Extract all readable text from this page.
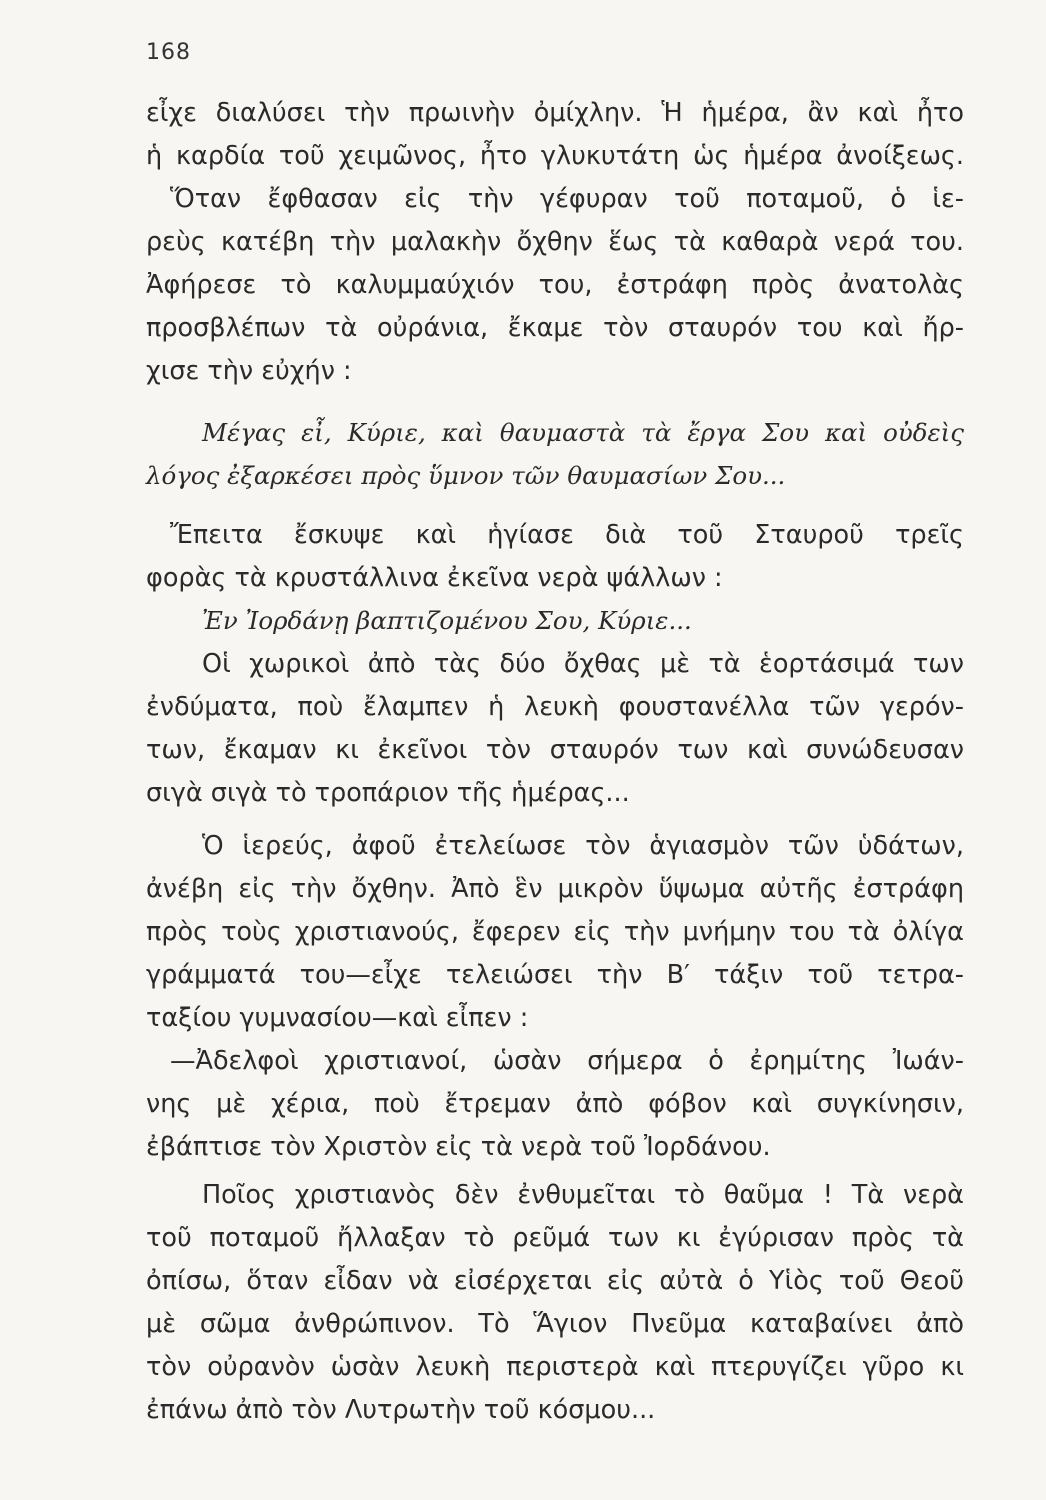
168
εἶχε διαλύσει τὴν πρωινὴν ὀμίχλην. Ἡ ἡμέρα, ἂν καὶ ἦτο
ἡ καρδία τοῦ χειμῶνος, ἦτο γλυκυτάτη ὡς ἡμέρα ἀνοίξεως.
Ὅταν ἔφθασαν εἰς τὴν γέφυραν τοῦ ποταμοῦ, ὁ ἱε-
ρεὺς κατέβη τὴν μαλακὴν ὄχθην ἕως τὰ καθαρὰ νερά του.
Ἀφήρεσε τὸ καλυμμαύχιόν του, ἐστράφη πρὸς ἀνατολὰς
προσβλέπων τὰ οὐράνια, ἔκαμε τὸν σταυρόν του καὶ ἤρ-
χισε τὴν εὐχήν :
Μέγας εἶ, Κύριε, καὶ θαυμαστὰ τὰ ἔργα Σου καὶ οὐδεὶς
λόγος ἐξαρκέσει πρὸς ὕμνον τῶν θαυμασίων Σου...
Ἔπειτα ἔσκυψε καὶ ἡγίασε διὰ τοῦ Σταυροῦ τρεῖς
φορὰς τὰ κρυστάλλινα ἐκεῖνα νερὰ ψάλλων :
Ἐν Ἰορδάνῃ βαπτιζομένου Σου, Κύριε...
Οἱ χωρικοὶ ἀπὸ τὰς δύο ὄχθας μὲ τὰ ἑορτάσιμά των
ἐνδύματα, ποὺ ἔλαμπεν ἡ λευκὴ φουστανέλλα τῶν γερόν-
των, ἔκαμαν κι ἐκεῖνοι τὸν σταυρόν των καὶ συνώδευσαν
σιγὰ σιγὰ τὸ τροπάριον τῆς ἡμέρας...
Ὁ ἱερεύς, ἀφοῦ ἐτελείωσε τὸν ἁγιασμὸν τῶν ὑδάτων,
ἀνέβη εἰς τὴν ὄχθην. Ἀπὸ ἓν μικρὸν ὕψωμα αὐτῆς ἐστράφη
πρὸς τοὺς χριστιανούς, ἔφερεν εἰς τὴν μνήμην του τὰ ὀλίγα
γράμματά του—εἶχε τελειώσει τὴν Β′ τάξιν τοῦ τετρα-
ταξίου γυμνασίου—καὶ εἶπεν :
—Ἀδελφοὶ χριστιανοί, ὡσὰν σήμερα ὁ ἐρημίτης Ἰωάν-
νης μὲ χέρια, ποὺ ἔτρεμαν ἀπὸ φόβον καὶ συγκίνησιν,
ἐβάπτισε τὸν Χριστὸν εἰς τὰ νερὰ τοῦ Ἰορδάνου.
Ποῖος χριστιανὸς δὲν ἐνθυμεῖται τὸ θαῦμα ! Τὰ νερὰ
τοῦ ποταμοῦ ἤλλαξαν τὸ ρεῦμά των κι ἐγύρισαν πρὸς τὰ
ὀπίσω, ὅταν εἶδαν νὰ εἰσέρχεται εἰς αὐτὰ ὁ Υἱὸς τοῦ Θεοῦ
μὲ σῶμα ἀνθρώπινον. Τὸ Ἅγιον Πνεῦμα καταβαίνει ἀπὸ
τὸν οὐρανὸν ὡσὰν λευκὴ περιστερὰ καὶ πτερυγίζει γῦρο κι
ἐπάνω ἀπὸ τὸν Λυτρωτὴν τοῦ κόσμου...
